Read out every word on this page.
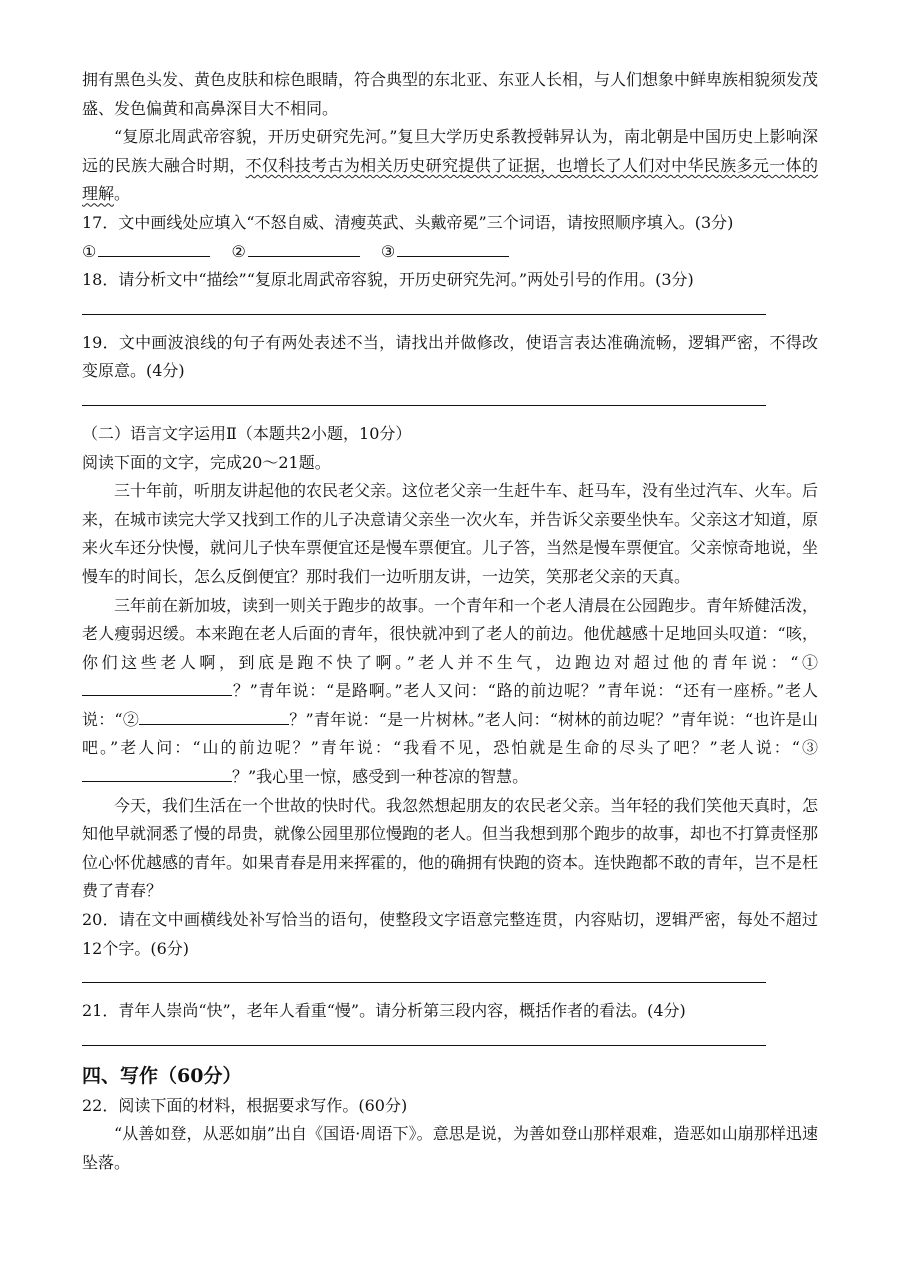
拥有黑色头发、黄色皮肤和棕色眼睛，符合典型的东北亚、东亚人长相，与人们想象中鲜卑族相貌须发茂盛、发色偏黄和高鼻深目大不相同。

“复原北周武帝容貌，开历史研究先河。”复旦大学历史系教授韩昇认为，南北朝是中国历史上影响深远的民族大融合时期，不仅科技考古为相关历史研究提供了证据，也增长了人们对中华民族多元一体的理解。

17．文中画线处应填入“不怒自威、清瘦英武、头戴帝冕”三个词语，请按照顺序填入。(3分)

①	②	③

18．请分析文中“描绘”“复原北周武帝容貌，开历史研究先河。”两处引号的作用。(3分)

19．文中画波浪线的句子有两处表述不当，请找出并做修改，使语言表达准确流畅，逻辑严密，不得改变原意。(4分)

（二）语言文字运用Ⅱ（本题共2小题，10分）

阅读下面的文字，完成20～21题。

三十年前，听朋友讲起他的农民老父亲。这位老父亲一生赶牛车、赶马车，没有坐过汽车、火车。后来，在城市读完大学又找到工作的儿子决意请父亲坐一次火车，并告诉父亲要坐快车。父亲这才知道，原来火车还分快慢，就问儿子快车票便宜还是慢车票便宜。儿子答，当然是慢车票便宜。父亲惊奇地说，坐慢车的时间长，怎么反倒便宜？那时我们一边听朋友讲，一边笑，笑那老父亲的天真。

三年前在新加坡，读到一则关于跑步的故事。一个青年和一个老人清晨在公园跑步。青年矫健活泼，老人瘦弱迟缓。本来跑在老人后面的青年，很快就冲到了老人的前边。他优越感十足地回头叹道：“咳，你们这些老人啊，到底是跑不快了啊。”老人并不生气，边跑边对超过他的青年说：“①？”青年说：“是路啊。”老人又问：“路的前边呢？”青年说：“还有一座桥。”老人说：“②	？”青年说：“是一片树林。”老人问：“树林的前边呢？”青年说：“也许是山吧。”老人问：“山的前边呢？”青年说：“我看不见，恐怕就是生命的尽头了吧？”老人说：“③？”我心里一惊，感受到一种苍凉的智慧。

今天，我们生活在一个世故的快时代。我忽然想起朋友的农民老父亲。当年轻的我们笑他天真时，怎知他早就洞悉了慢的昂贵，就像公园里那位慢跑的老人。但当我想到那个跑步的故事，却也不打算责怪那位心怀优越感的青年。如果青春是用来挥霍的，他的确拥有快跑的资本。连快跑都不敢的青年，岂不是枉费了青春？

20．请在文中画横线处补写恰当的语句，使整段文字语意完整连贯，内容贴切，逻辑严密，每处不超过12个字。(6分)

21．青年人崇尚“快”，老年人看重“慢”。请分析第三段内容，概括作者的看法。(4分)

四、写作（60分）

22．阅读下面的材料，根据要求写作。(60分)

“从善如登，从恶如崩”出自《国语·周语下》。意思是说，为善如登山那样艰难，造恶如山崩那样迅速坠落。
